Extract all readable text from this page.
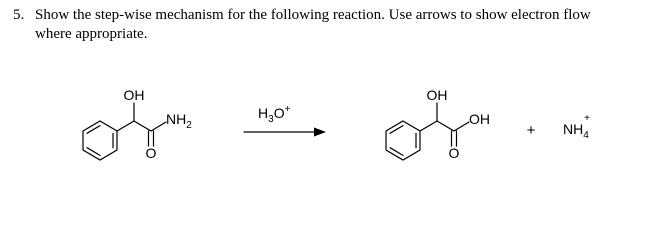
5. Show the step-wise mechanism for the following reaction. Use arrows to show electron flow
where appropriate.
OH
$NH_2$
O
$H_3O^+$
OH
OH
O
+ $NH_4$
+
